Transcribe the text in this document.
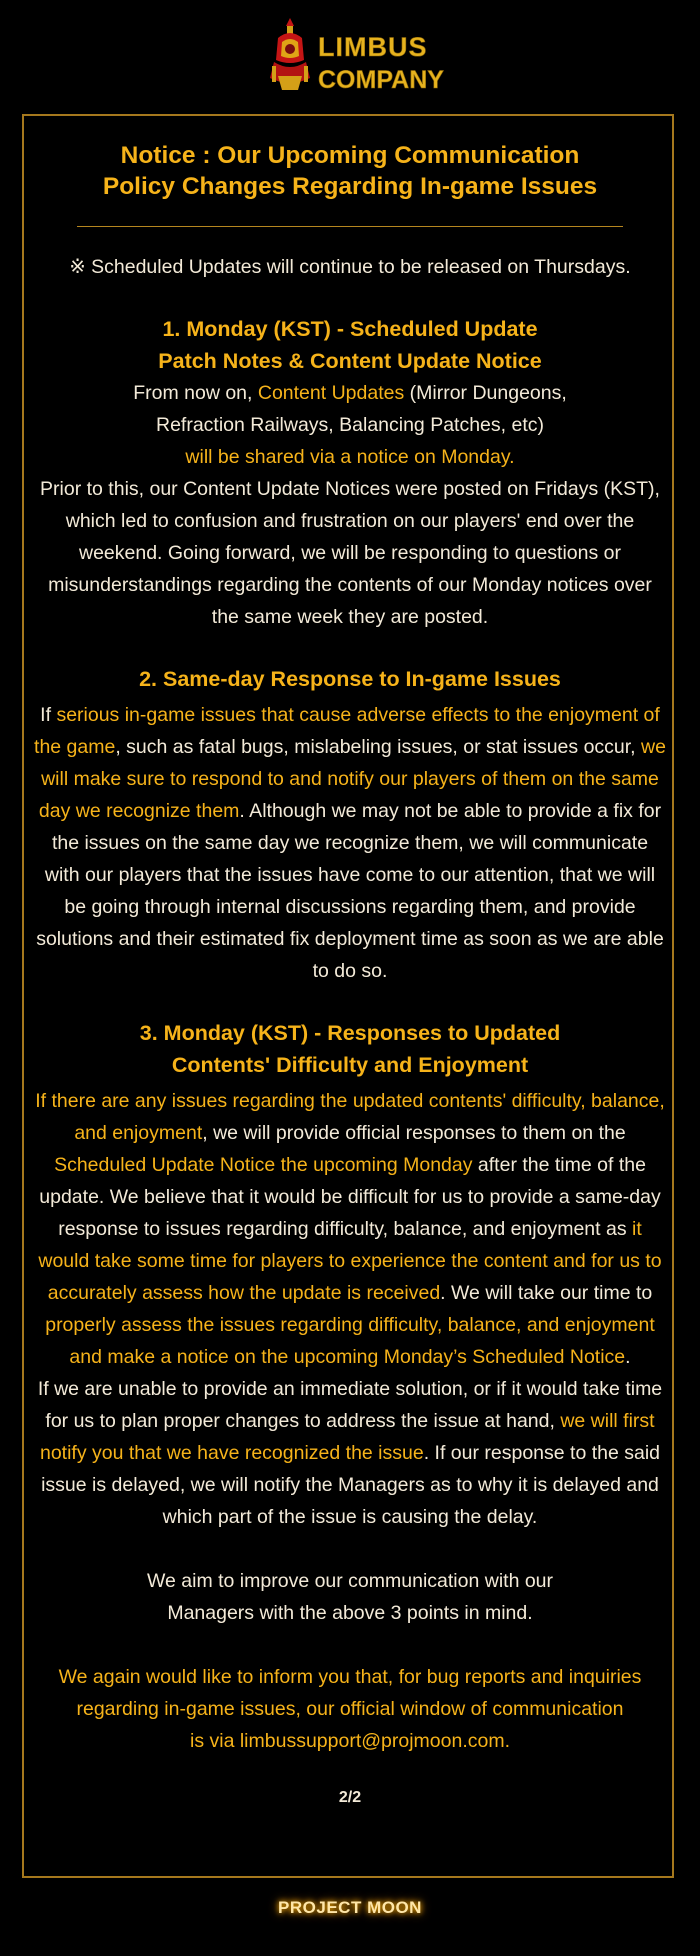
LIMBUS
COMPANY
Notice : Our Upcoming Communication
Policy Changes Regarding In-game Issues
※ Scheduled Updates will continue to be released on Thursdays.
1. Monday (KST) - Scheduled Update
Patch Notes & Content Update Notice
From now on, Content Updates (Mirror Dungeons,
Refraction Railways, Balancing Patches, etc)
will be shared via a notice on Monday.
Prior to this, our Content Update Notices were posted on Fridays (KST), which led to confusion and frustration on our players' end over the weekend. Going forward, we will be responding to questions or misunderstandings regarding the contents of our Monday notices over the same week they are posted.
2. Same-day Response to In-game Issues
If serious in-game issues that cause adverse effects to the enjoyment of the game, such as fatal bugs, mislabeling issues, or stat issues occur, we will make sure to respond to and notify our players of them on the same day we recognize them. Although we may not be able to provide a fix for the issues on the same day we recognize them, we will communicate with our players that the issues have come to our attention, that we will be going through internal discussions regarding them, and provide solutions and their estimated fix deployment time as soon as we are able to do so.
3. Monday (KST) - Responses to Updated
Contents' Difficulty and Enjoyment
If there are any issues regarding the updated contents' difficulty, balance, and enjoyment, we will provide official responses to them on the Scheduled Update Notice the upcoming Monday after the time of the update. We believe that it would be difficult for us to provide a same-day response to issues regarding difficulty, balance, and enjoyment as it would take some time for players to experience the content and for us to accurately assess how the update is received. We will take our time to properly assess the issues regarding difficulty, balance, and enjoyment and make a notice on the upcoming Monday’s Scheduled Notice.
If we are unable to provide an immediate solution, or if it would take time for us to plan proper changes to address the issue at hand, we will first notify you that we have recognized the issue. If our response to the said issue is delayed, we will notify the Managers as to why it is delayed and which part of the issue is causing the delay.
We aim to improve our communication with our
Managers with the above 3 points in mind.
We again would like to inform you that, for bug reports and inquiries
regarding in-game issues, our official window of communication
is via limbussupport@projmoon.com.
2/2
PROJECT MOON
